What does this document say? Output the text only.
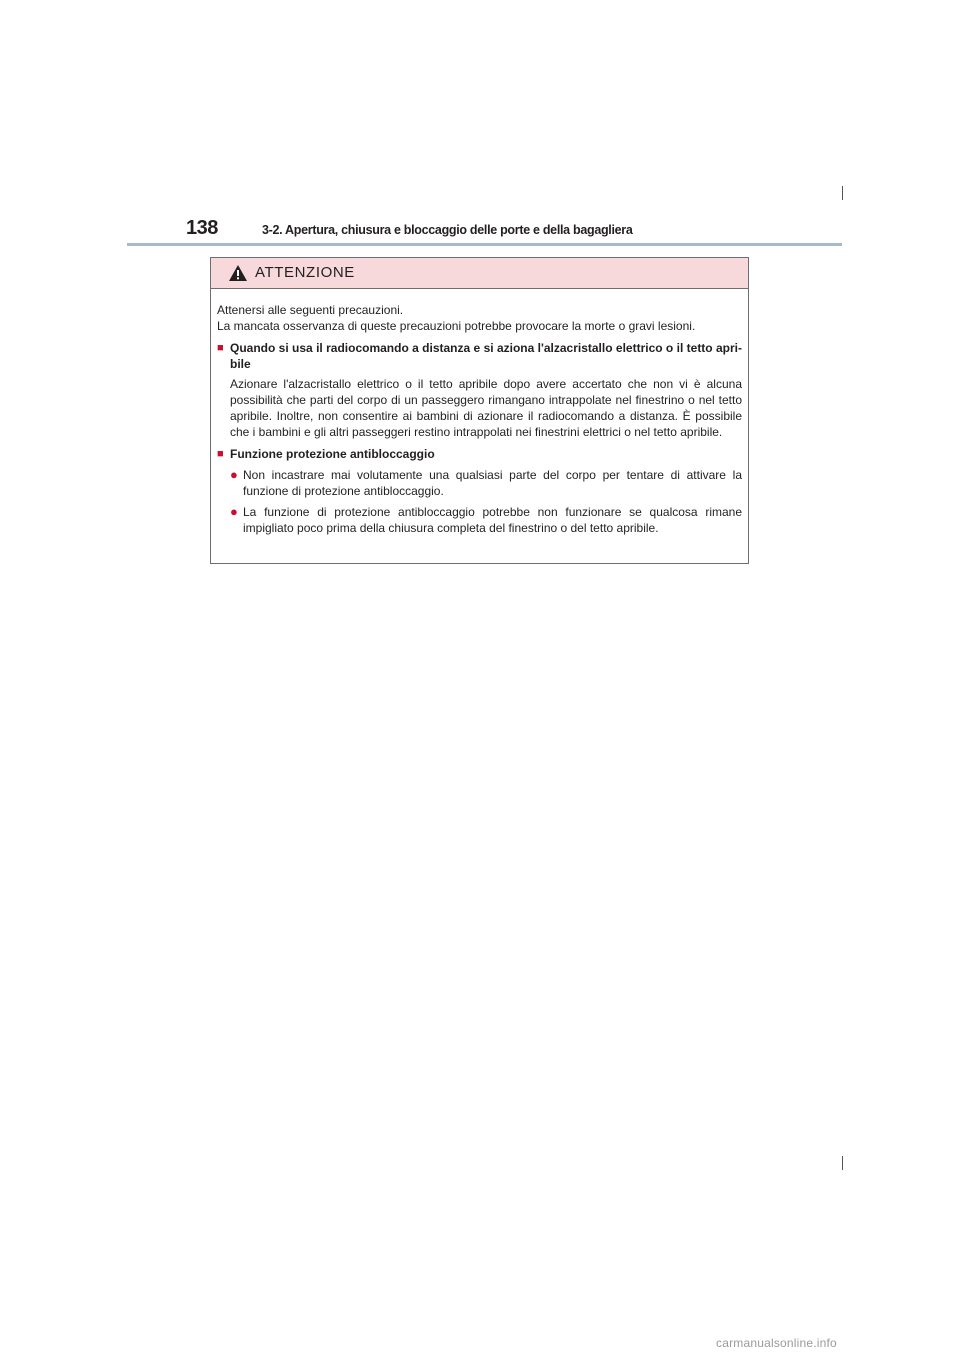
138	3-2. Apertura, chiusura e bloccaggio delle porte e della bagagliera
ATTENZIONE

Attenersi alle seguenti precauzioni.

La mancata osservanza di queste precauzioni potrebbe provocare la morte o gravi lesioni.

■ Quando si usa il radiocomando a distanza e si aziona l'alzacristallo elettrico o il tetto apri-bile

Azionare l'alzacristallo elettrico o il tetto apribile dopo avere accertato che non vi è alcuna possibilità che parti del corpo di un passeggero rimangano intrappolate nel finestrino o nel tetto apribile. Inoltre, non consentire ai bambini di azionare il radiocomando a distanza. È possibile che i bambini e gli altri passeggeri restino intrappolati nei finestrini elettrici o nel tetto apribile.

■ Funzione protezione antibloccaggio
● Non incastrare mai volutamente una qualsiasi parte del corpo per tentare di attivare la funzione di protezione antibloccaggio.
● La funzione di protezione antibloccaggio potrebbe non funzionare se qualcosa rimane impigliato poco prima della chiusura completa del finestrino o del tetto apribile.
carmanualsonline.info
